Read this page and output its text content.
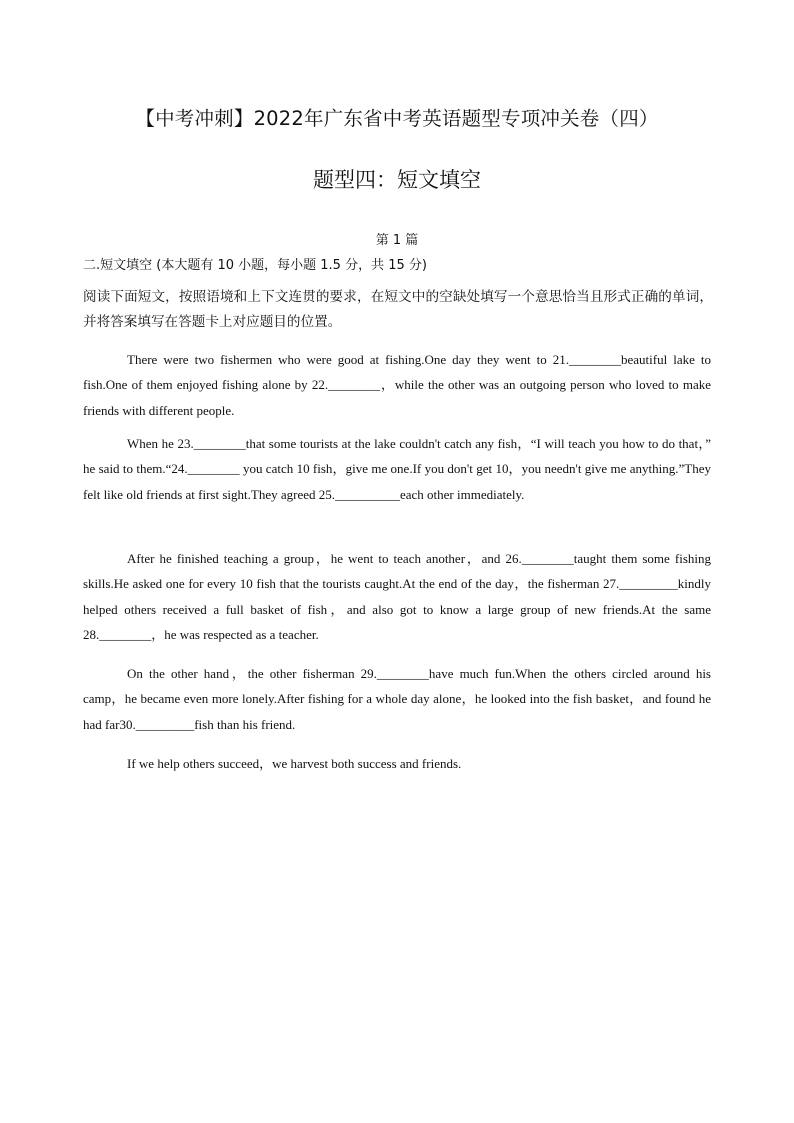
【中考冲刺】2022年广东省中考英语题型专项冲关卷（四）
题型四：短文填空
第 1 篇
二.短文填空 (本大题有 10 小题，每小题 1.5 分，共 15 分)
阅读下面短文，按照语境和上下文连贯的要求，在短文中的空缺处填写一个意思恰当且形式正确的单词，并将答案填写在答题卡上对应题目的位置。
There were two fishermen who were good at fishing.One day they went to 21.________beautiful lake to fish.One of them enjoyed fishing alone by 22.________，while the other was an outgoing person who loved to make friends with different people.
When he 23.________that some tourists at the lake couldn't catch any fish，“I will teach you how to do that，” he said to them.“24.________ you catch 10 fish，give me one.If you don't get 10，you needn't give me anything.”They felt like old friends at first sight.They agreed 25.__________each other immediately.
After he finished teaching a group，he went to teach another，and 26.________taught them some fishing skills.He asked one for every 10 fish that the tourists caught.At the end of the day，the fisherman 27._________kindly helped others received a full basket of fish，and also got to know a large group of new friends.At the same 28.________，he was respected as a teacher.
On the other hand，the other fisherman 29.________have much fun.When the others circled around his camp，he became even more lonely.After fishing for a whole day alone，he looked into the fish basket，and found he had far30._________fish than his friend.
If we help others succeed，we harvest both success and friends.
